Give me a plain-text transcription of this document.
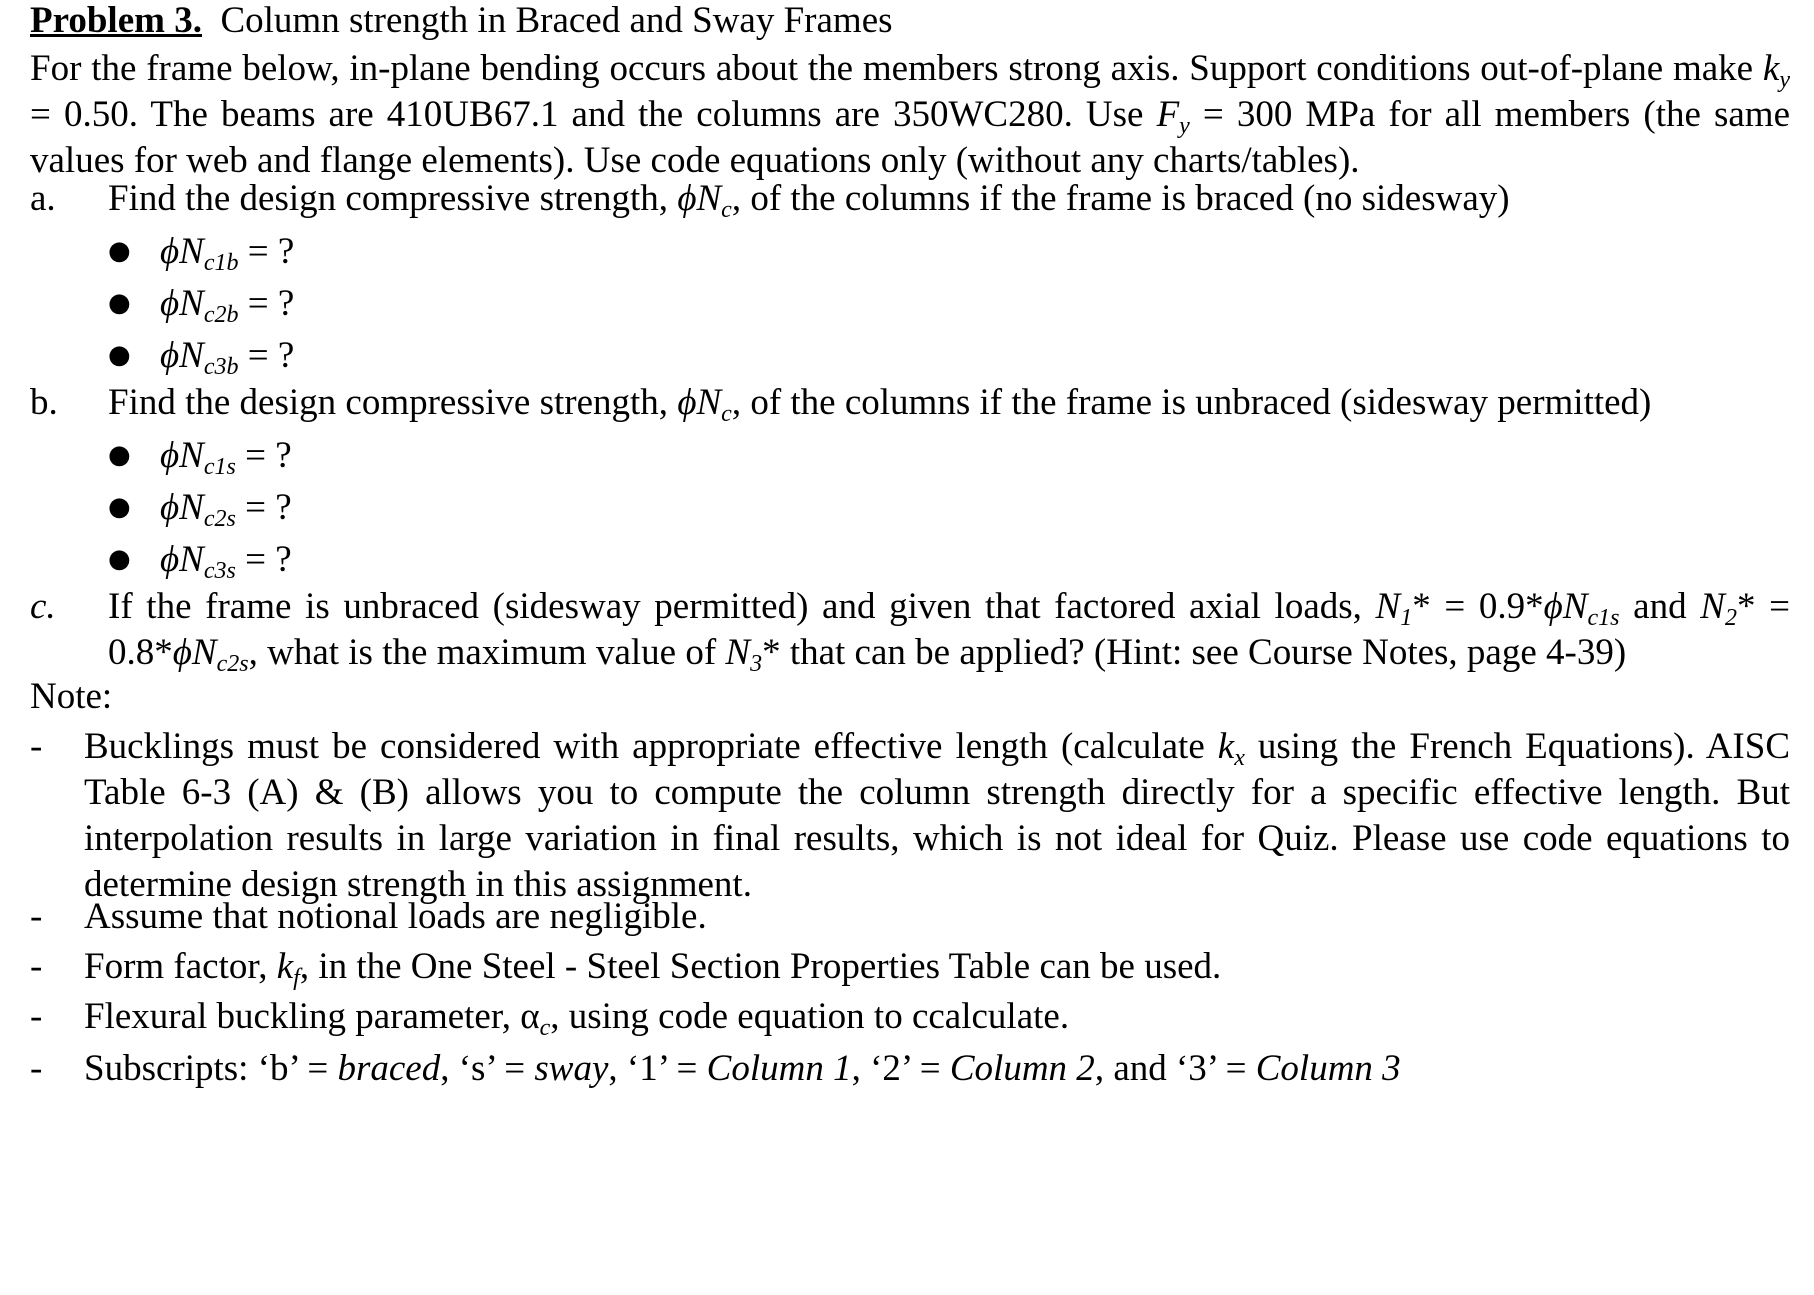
Problem 3. Column strength in Braced and Sway Frames
For the frame below, in-plane bending occurs about the members strong axis. Support conditions out-of-plane make $k_y = 0.50$. The beams are 410UB67.1 and the columns are 350WC280. Use $F_y = 300$ MPa for all members (the same values for web and flange elements). Use code equations only (without any charts/tables).
a. Find the design compressive strength, $\phi N_c$, of the columns if the frame is braced (no sidesway)
● $\phi N_{c1b}$ = ?
● $\phi N_{c2b}$ = ?
● $\phi N_{c3b}$ = ?
b. Find the design compressive strength, $\phi N_c$, of the columns if the frame is unbraced (sidesway permitted)
● $\phi N_{c1s}$ = ?
● $\phi N_{c2s}$ = ?
● $\phi N_{c3s}$ = ?
c. If the frame is unbraced (sidesway permitted) and given that factored axial loads, $N_1* = 0.9*\phi N_{c1s}$ and $N_2* = 0.8*\phi N_{c2s}$, what is the maximum value of $N_3*$ that can be applied? (Hint: see Course Notes, page 4-39)
Note:
- Bucklings must be considered with appropriate effective length (calculate $k_x$ using the French Equations). AISC Table 6-3 (A) & (B) allows you to compute the column strength directly for a specific effective length. But interpolation results in large variation in final results, which is not ideal for Quiz. Please use code equations to determine design strength in this assignment.
- Assume that notional loads are negligible.
- Form factor, $k_f$, in the One Steel - Steel Section Properties Table can be used.
- Flexural buckling parameter, $\alpha_c$, using code equation to ccalculate.
- Subscripts: ‘b’ = braced, ‘s’ = sway, ‘1’ = Column 1, ‘2’ = Column 2, and ‘3’ = Column 3
